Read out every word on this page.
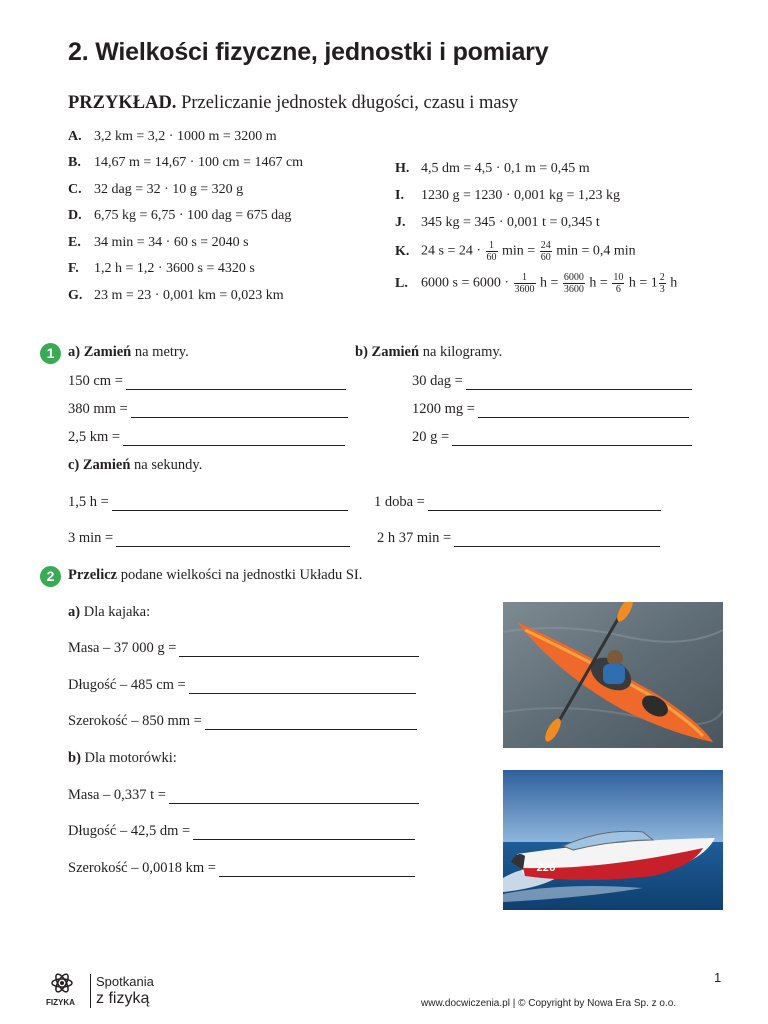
2. Wielkości fizyczne, jednostki i pomiary
PRZYKŁAD. Przeliczanie jednostek długości, czasu i masy
A. 3,2 km = 3,2 · 1000 m = 3200 m
B. 14,67 m = 14,67 · 100 cm = 1467 cm
C. 32 dag = 32 · 10 g = 320 g
D. 6,75 kg = 6,75 · 100 dag = 675 dag
E. 34 min = 34 · 60 s = 2040 s
F. 1,2 h = 1,2 · 3600 s = 4320 s
G. 23 m = 23 · 0,001 km = 0,023 km
H. 4,5 dm = 4,5 · 0,1 m = 0,45 m
I. 1230 g = 1230 · 0,001 kg = 1,23 kg
J. 345 kg = 345 · 0,001 t = 0,345 t
K. 24 $s = 24 \cdot \frac{1}{60}$ $\min = \frac{24}{60}$ min = 0,4 min
L. 6000 $s = 6000 \cdot \frac{1}{3600}$ $h = \frac{6000}{3600}$ $h = \frac{10}{6}$ $h = 1 \frac{2}{3}$ h
1 a) Zamień na metry.	b) Zamień na kilogramy.
150 cm =
380 mm =
2,5 km =
30 dag =
1200 mg =
20 g =
c) Zamień na sekundy.
1,5 h =	1 doba =
3 min =	2 h 37 min =
2 Przelicz podane wielkości na jednostki Układu SI.
a) Dla kajaka:
Masa – 37 000 g =
Długość – 485 cm =
Szerokość – 850 mm =
b) Dla motorówki:
Masa – 0,337 t =
Długość – 42,5 dm =
Szerokość – 0,0018 km =	226
FIZYKA
Spotkania
z fizyką
1
www.docwiczenia.pl | © Copyright by Nowa Era Sp. z o.o.
